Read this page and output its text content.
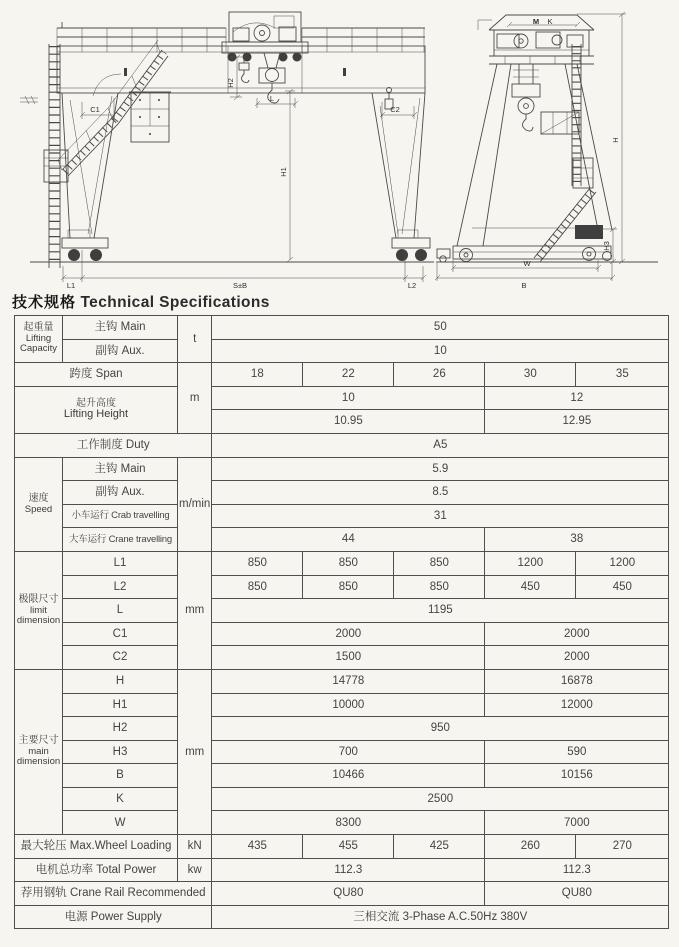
C1	C2
H2
L
H1
L1	S±B	L2
M K
H
H3
W
B
技术规格 Technical Specifications
起重量
Lifting Capacity	主钩 Main	t	50				
	副钩 Aux.		10				
跨度 Span		m	18	22	26	30	35

起升高度
Lifting Height			10			12	
			10.95			12.95	
工作制度 Duty			A5				

速度
Speed	主钩 Main	m/min	5.9				
	副钩 Aux.		8.5				
	小车运行 Crab travelling		31				
	大车运行 Crane travelling		44			38	

极限尺寸
limit
dimension	L1	mm	850	850	850	1200	1200
	L2		850	850	850	450	450
	L		1195				
	C1		2000			2000	
	C2		1500			2000	

主要尺寸
main
dimension	H	mm	14778			16878	
	H1		10000			12000	
	H2		950				
	H3		700			590	
	B		10466			10156	
	K		2500				
	W		8300			7000	
最大轮压 Max.Wheel Loading		kN	435	455	425	260	270
电机总功率 Total Power		kw	112.3			112.3	
荐用钢轨 Crane Rail Recommended			QU80			QU80	
电源 Power Supply			三相交流 3-Phase A.C.50Hz 380V				
